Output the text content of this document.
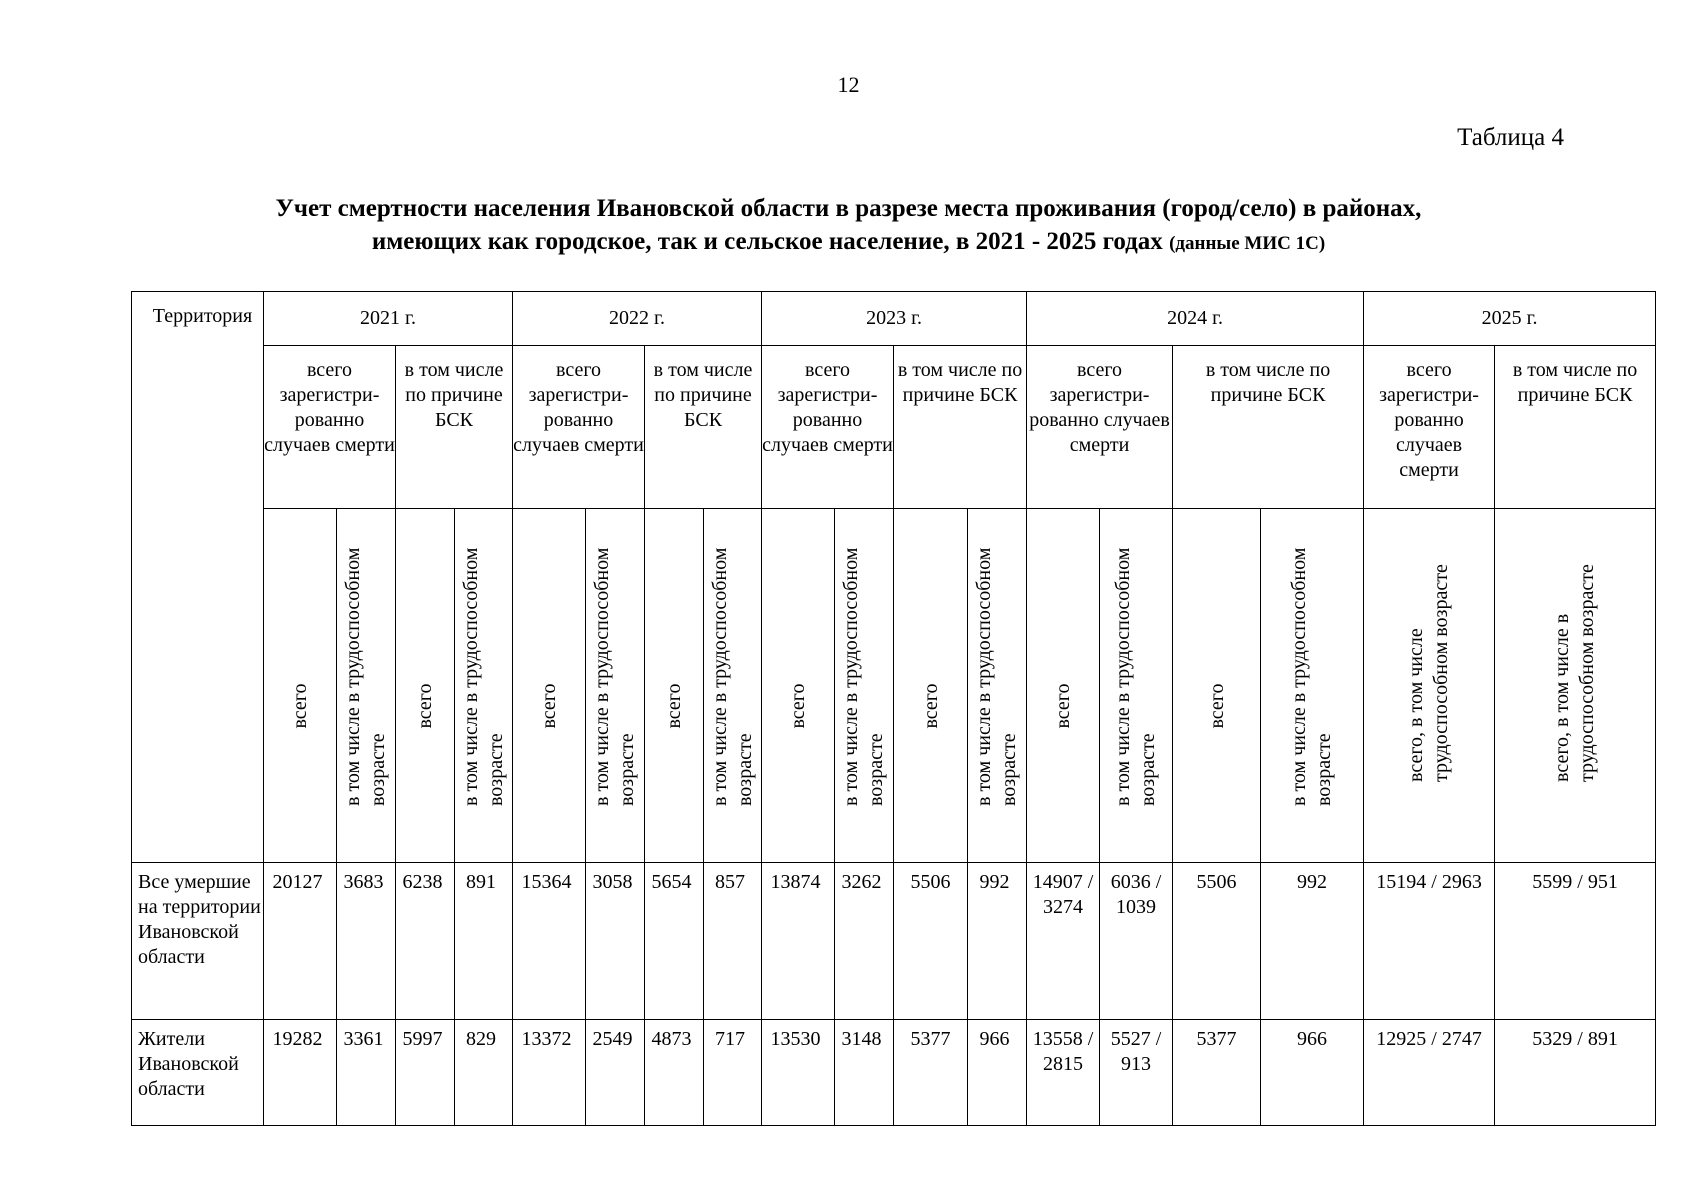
12
Таблица 4
Учет смертности населения Ивановской области в разрезе места проживания (город/село) в районах,
имеющих как городское, так и сельское население, в 2021 - 2025 годах (данные МИС 1С)
Территория	2021 г.				2022 г.				2023 г.				2024 г.				2025 г.	
	всего зарегистри-рованно случаев смерти		в том числе по причине БСК		всего зарегистри-рованно случаев смерти		в том числе по причине БСК		всего зарегистри-рованно случаев смерти		в том числе по причине БСК		всего зарегистри-рованно случаев смерти		в том числе по причине БСК		всего зарегистри-рованно случаев смерти	в том числе по причине БСК

	всего	в том числе в трудоспособном возрасте	всего	в том числе в трудоспособном возрасте	всего	в том числе в трудоспособном возрасте	всего	в том числе в трудоспособном возрасте	всего	в том числе в трудоспособном возрасте	всего	в том числе в трудоспособном возрасте	всего	в том числе в трудоспособном возрасте	всего	в том числе в трудоспособном возрасте	всего, в том числе трудоспособном возрасте	всего, в том числе в трудоспособном возрасте

Все умершие на территории Ивановской области	20127	3683	6238	891	15364	3058	5654	857	13874	3262	5506	992	14907 / 3274	6036 / 1039	5506	992	15194 / 2963	5599 / 951
Жители Ивановской области	19282	3361	5997	829	13372	2549	4873	717	13530	3148	5377	966	13558 / 2815	5527 / 913	5377	966	12925 / 2747	5329 / 891
